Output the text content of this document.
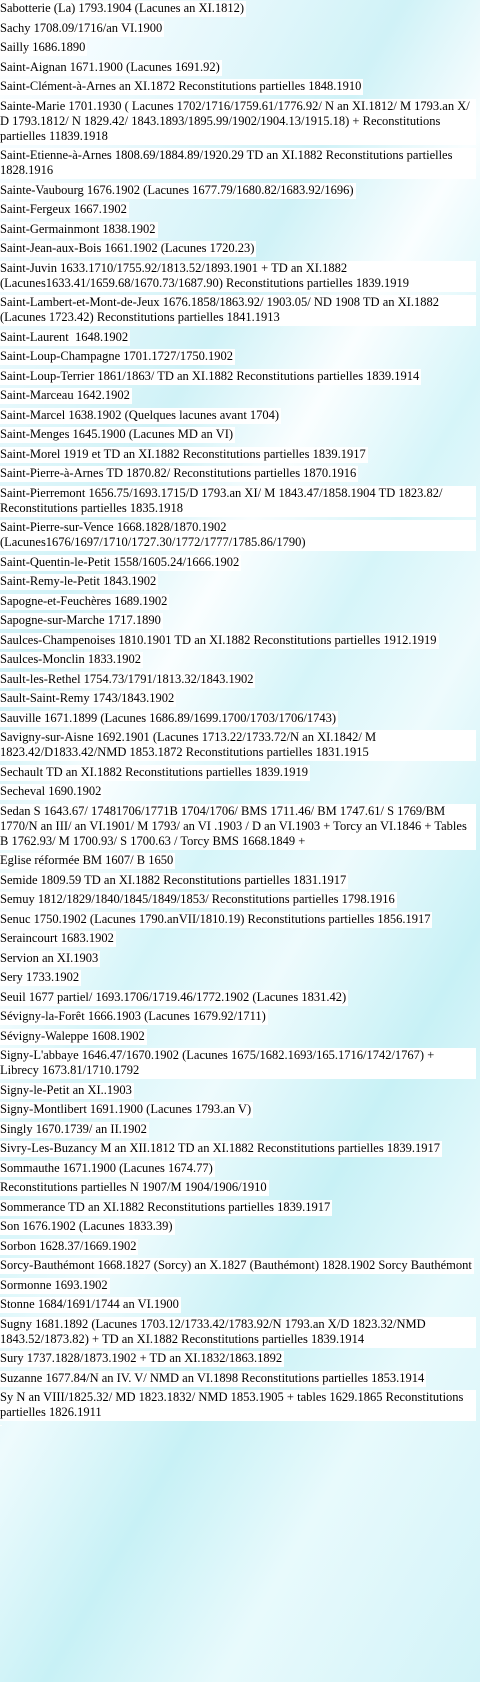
Sabotterie (La) 1793.1904 (Lacunes an XI.1812)
Sachy 1708.09/1716/an VI.1900
Sailly 1686.1890
Saint-Aignan 1671.1900 (Lacunes 1691.92)
Saint-Clément-à-Arnes an XI.1872 Reconstitutions partielles 1848.1910
Sainte-Marie 1701.1930 ( Lacunes 1702/1716/1759.61/1776.92/ N an XI.1812/ M 1793.an X/ D 1793.1812/ N 1829.42/ 1843.1893/1895.99/1902/1904.13/1915.18) + Reconstitutions partielles 11839.1918
Saint-Etienne-à-Arnes 1808.69/1884.89/1920.29 TD an XI.1882 Reconstitutions partielles 1828.1916
Sainte-Vaubourg 1676.1902 (Lacunes 1677.79/1680.82/1683.92/1696)
Saint-Fergeux 1667.1902
Saint-Germainmont 1838.1902
Saint-Jean-aux-Bois 1661.1902 (Lacunes 1720.23)
Saint-Juvin 1633.1710/1755.92/1813.52/1893.1901 + TD an XI.1882 (Lacunes1633.41/1659.68/1670.73/1687.90) Reconstitutions partielles 1839.1919
Saint-Lambert-et-Mont-de-Jeux 1676.1858/1863.92/ 1903.05/ ND 1908 TD an XI.1882  (Lacunes 1723.42) Reconstitutions partielles 1841.1913
Saint-Laurent  1648.1902
Saint-Loup-Champagne 1701.1727/1750.1902
Saint-Loup-Terrier 1861/1863/ TD an XI.1882 Reconstitutions partielles 1839.1914
Saint-Marceau 1642.1902
Saint-Marcel 1638.1902 (Quelques lacunes avant 1704)
Saint-Menges 1645.1900 (Lacunes MD an VI)
Saint-Morel 1919 et TD an XI.1882 Reconstitutions partielles 1839.1917
Saint-Pierre-à-Arnes TD 1870.82/ Reconstitutions partielles 1870.1916
Saint-Pierremont 1656.75/1693.1715/D 1793.an XI/ M 1843.47/1858.1904 TD 1823.82/ Reconstitutions partielles 1835.1918
Saint-Pierre-sur-Vence 1668.1828/1870.1902 (Lacunes1676/1697/1710/1727.30/1772/1777/1785.86/1790)
Saint-Quentin-le-Petit 1558/1605.24/1666.1902
Saint-Remy-le-Petit 1843.1902
Sapogne-et-Feuchères 1689.1902
Sapogne-sur-Marche 1717.1890
Saulces-Champenoises 1810.1901 TD an XI.1882 Reconstitutions partielles 1912.1919
Saulces-Monclin 1833.1902
Sault-les-Rethel 1754.73/1791/1813.32/1843.1902
Sault-Saint-Remy 1743/1843.1902
Sauville 1671.1899 (Lacunes 1686.89/1699.1700/1703/1706/1743)
Savigny-sur-Aisne 1692.1901 (Lacunes 1713.22/1733.72/N an XI.1842/ M 1823.42/D1833.42/NMD 1853.1872 Reconstitutions partielles 1831.1915
Sechault TD an XI.1882 Reconstitutions partielles 1839.1919
Secheval 1690.1902
Sedan S 1643.67/ 17481706/1771B 1704/1706/ BMS 1711.46/ BM 1747.61/ S 1769/BM 1770/N an III/ an VI.1901/ M 1793/ an VI .1903 / D an VI.1903 + Torcy an VI.1846 + Tables B 1762.93/ M 1700.93/ S 1700.63 / Torcy BMS 1668.1849 +
Eglise réformée BM 1607/ B 1650
Semide 1809.59 TD an XI.1882 Reconstitutions partielles 1831.1917
Semuy 1812/1829/1840/1845/1849/1853/ Reconstitutions partielles 1798.1916
Senuc 1750.1902 (Lacunes 1790.anVII/1810.19) Reconstitutions partielles 1856.1917
Seraincourt 1683.1902
Servion an XI.1903
Sery 1733.1902
Seuil 1677 partiel/ 1693.1706/1719.46/1772.1902 (Lacunes 1831.42)
Sévigny-la-Forêt 1666.1903 (Lacunes 1679.92/1711)
Sévigny-Waleppe 1608.1902
Signy-L'abbaye 1646.47/1670.1902 (Lacunes 1675/1682.1693/165.1716/1742/1767) + Librecy 1673.81/1710.1792
Signy-le-Petit an XI..1903
Signy-Montlibert 1691.1900 (Lacunes 1793.an V)
Singly 1670.1739/ an II.1902
Sivry-Les-Buzancy M an XII.1812 TD an XI.1882 Reconstitutions partielles 1839.1917
Sommauthe 1671.1900 (Lacunes 1674.77)
Reconstitutions partielles N 1907/M 1904/1906/1910
Sommerance TD an XI.1882 Reconstitutions partielles 1839.1917
Son 1676.1902 (Lacunes 1833.39)
Sorbon 1628.37/1669.1902
Sorcy-Bauthémont 1668.1827 (Sorcy) an X.1827 (Bauthémont) 1828.1902 Sorcy Bauthémont
Sormonne 1693.1902
Stonne 1684/1691/1744 an VI.1900
Sugny 1681.1892 (Lacunes 1703.12/1733.42/1783.92/N 1793.an X/D 1823.32/NMD 1843.52/1873.82) + TD an XI.1882 Reconstitutions partielles 1839.1914
Sury 1737.1828/1873.1902 + TD an XI.1832/1863.1892
Suzanne 1677.84/N an IV. V/ NMD an VI.1898 Reconstitutions partielles 1853.1914
Sy N an VIII/1825.32/ MD 1823.1832/ NMD 1853.1905 + tables 1629.1865 Reconstitutions partielles 1826.1911
